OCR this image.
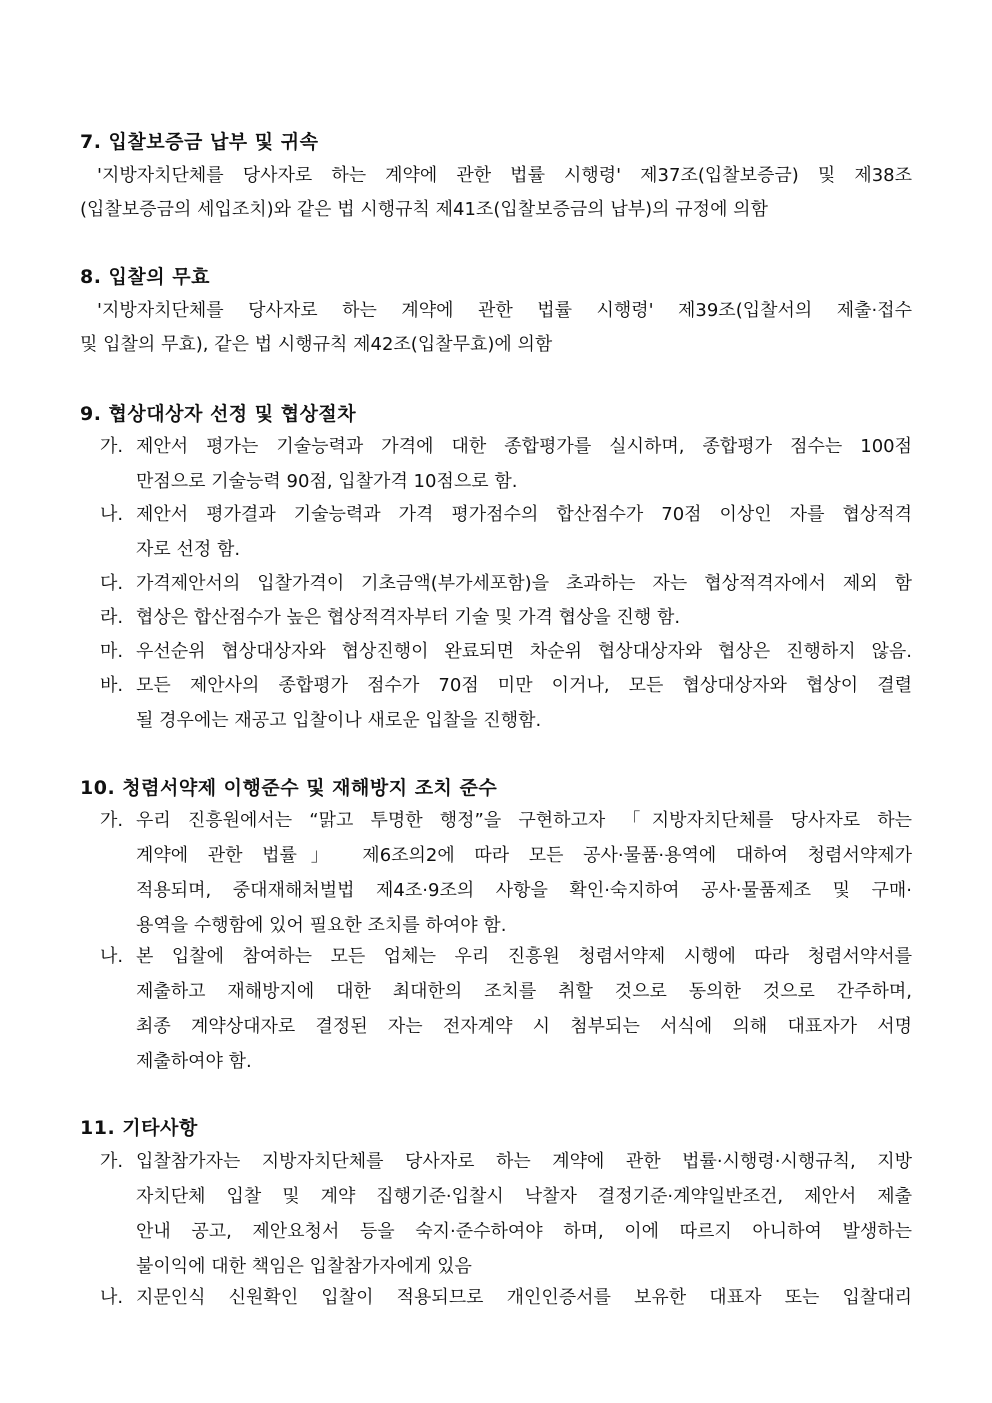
7. 입찰보증금 납부 및 귀속
'지방자치단체를 당사자로 하는 계약에 관한 법률 시행령' 제37조(입찰보증금) 및 제38조
(입찰보증금의 세입조치)와 같은 법 시행규칙 제41조(입찰보증금의 납부)의 규정에 의함
8. 입찰의 무효
'지방자치단체를 당사자로 하는 계약에 관한 법률 시행령' 제39조(입찰서의 제출·접수
및 입찰의 무효), 같은 법 시행규칙 제42조(입찰무효)에 의함
9. 협상대상자 선정 및 협상절차
가. 제안서 평가는 기술능력과 가격에 대한 종합평가를 실시하며, 종합평가 점수는 100점
만점으로 기술능력 90점, 입찰가격 10점으로 함.
나. 제안서 평가결과 기술능력과 가격 평가점수의 합산점수가 70점 이상인 자를 협상적격
자로 선정 함.
다. 가격제안서의 입찰가격이 기초금액(부가세포함)을 초과하는 자는 협상적격자에서 제외 함
라. 협상은 합산점수가 높은 협상적격자부터 기술 및 가격 협상을 진행 함.
마. 우선순위 협상대상자와 협상진행이 완료되면 차순위 협상대상자와 협상은 진행하지 않음.
바. 모든 제안사의 종합평가 점수가 70점 미만 이거나, 모든 협상대상자와 협상이 결렬
될 경우에는 재공고 입찰이나 새로운 입찰을 진행함.
10. 청렴서약제 이행준수 및 재해방지 조치 준수
가. 우리 진흥원에서는 “맑고 투명한 행정”을 구현하고자 「지방자치단체를 당사자로 하는
계약에 관한 법률」 제6조의2에 따라 모든 공사·물품·용역에 대하여 청렴서약제가
적용되며, 중대재해처벌법 제4조·9조의 사항을 확인·숙지하여 공사·물품제조 및 구매·
용역을 수행함에 있어 필요한 조치를 하여야 함.
나. 본 입찰에 참여하는 모든 업체는 우리 진흥원 청렴서약제 시행에 따라 청렴서약서를
제출하고 재해방지에 대한 최대한의 조치를 취할 것으로 동의한 것으로 간주하며,
최종 계약상대자로 결정된 자는 전자계약 시 첨부되는 서식에 의해 대표자가 서명
제출하여야 함.
11. 기타사항
가. 입찰참가자는 지방자치단체를 당사자로 하는 계약에 관한 법률·시행령·시행규칙, 지방
자치단체 입찰 및 계약 집행기준·입찰시 낙찰자 결정기준·계약일반조건, 제안서 제출
안내 공고, 제안요청서 등을 숙지·준수하여야 하며, 이에 따르지 아니하여 발생하는
불이익에 대한 책임은 입찰참가자에게 있음
나. 지문인식 신원확인 입찰이 적용되므로 개인인증서를 보유한 대표자 또는 입찰대리
